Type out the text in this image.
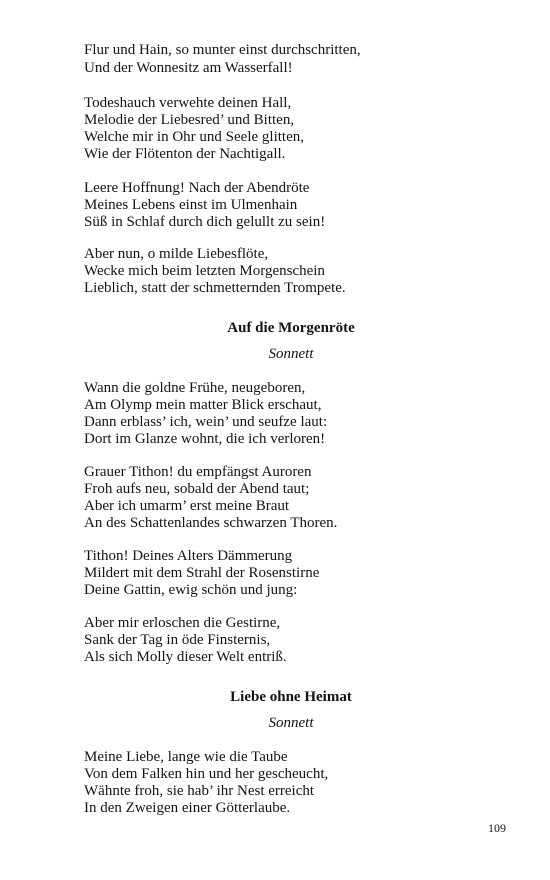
Flur und Hain, so munter einst durchschritten,
Und der Wonnesitz am Wasserfall!
Todeshauch verwehte deinen Hall,
Melodie der Liebesred’ und Bitten,
Welche mir in Ohr und Seele glitten,
Wie der Flötenton der Nachtigall.
Leere Hoffnung! Nach der Abendröte
Meines Lebens einst im Ulmenhain
Süß in Schlaf durch dich gelullt zu sein!
Aber nun, o milde Liebesflöte,
Wecke mich beim letzten Morgenschein
Lieblich, statt der schmetternden Trompete.
Auf die Morgenröte
Sonnett
Wann die goldne Frühe, neugeboren,
Am Olymp mein matter Blick erschaut,
Dann erblass’ ich, wein’ und seufze laut:
Dort im Glanze wohnt, die ich verloren!
Grauer Tithon! du empfängst Auroren
Froh aufs neu, sobald der Abend taut;
Aber ich umarm’ erst meine Braut
An des Schattenlandes schwarzen Thoren.
Tithon! Deines Alters Dämmerung
Mildert mit dem Strahl der Rosenstirne
Deine Gattin, ewig schön und jung:
Aber mir erloschen die Gestirne,
Sank der Tag in öde Finsternis,
Als sich Molly dieser Welt entriß.
Liebe ohne Heimat
Sonnett
Meine Liebe, lange wie die Taube
Von dem Falken hin und her gescheucht,
Wähnte froh, sie hab’ ihr Nest erreicht
In den Zweigen einer Götterlaube.
109
